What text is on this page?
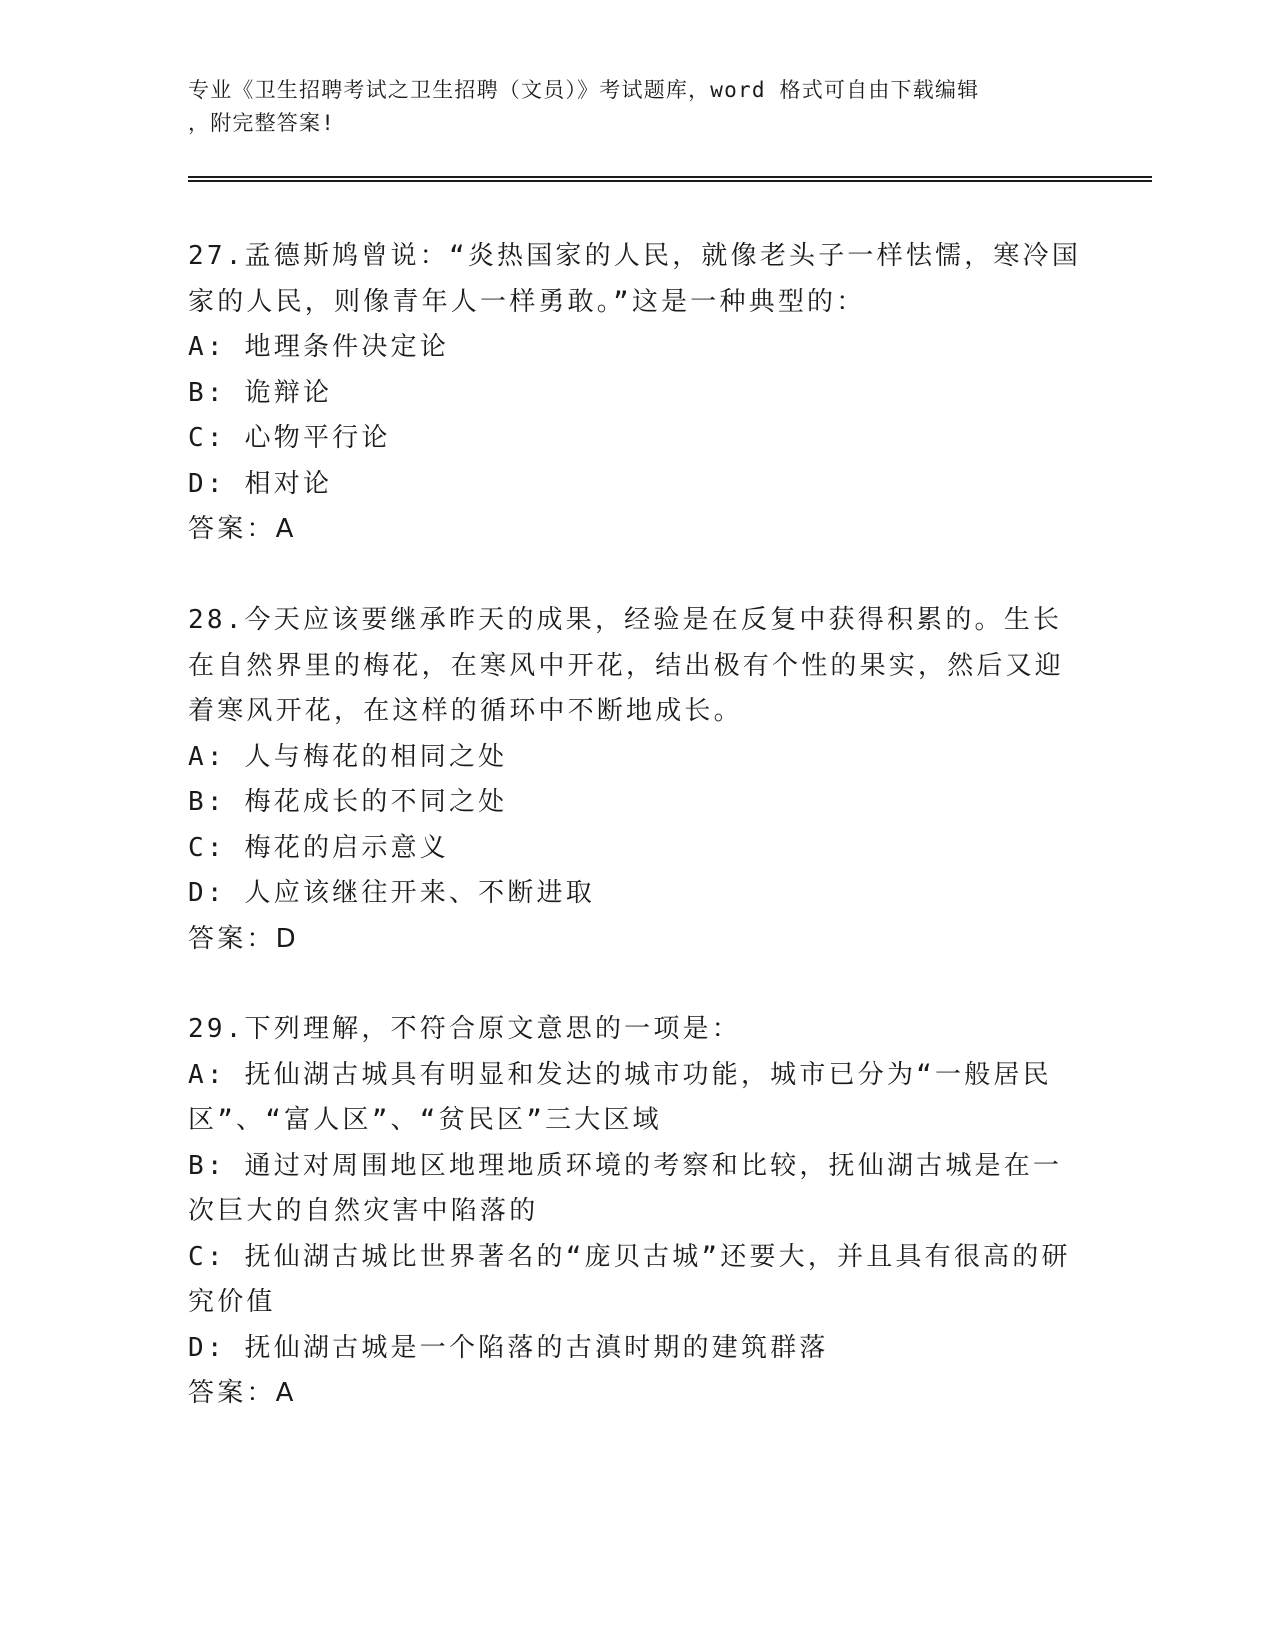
专业《卫生招聘考试之卫生招聘（文员）》考试题库，word 格式可自由下载编辑
，附完整答案!
27.孟德斯鸠曾说：“炎热国家的人民，就像老头子一样怯懦，寒冷国家的人民，则像青年人一样勇敢。”这是一种典型的：
A: 地理条件决定论
B: 诡辩论
C: 心物平行论
D: 相对论
答案：A
28.今天应该要继承昨天的成果，经验是在反复中获得积累的。生长在自然界里的梅花，在寒风中开花，结出极有个性的果实，然后又迎着寒风开花，在这样的循环中不断地成长。
A: 人与梅花的相同之处
B: 梅花成长的不同之处
C: 梅花的启示意义
D: 人应该继往开来、不断进取
答案：D
29.下列理解，不符合原文意思的一项是：
A: 抚仙湖古城具有明显和发达的城市功能，城市已分为“一般居民区”、“富人区”、“贫民区”三大区域
B: 通过对周围地区地理地质环境的考察和比较，抚仙湖古城是在一次巨大的自然灾害中陷落的
C: 抚仙湖古城比世界著名的“庞贝古城”还要大，并且具有很高的研究价值
D: 抚仙湖古城是一个陷落的古滇时期的建筑群落
答案：A
